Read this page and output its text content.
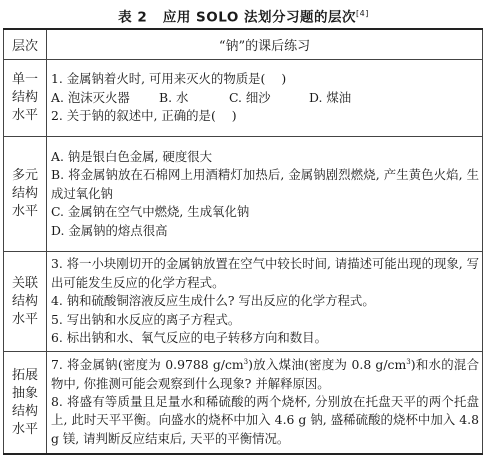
表 2 应用 SOLO 法划分习题的层次[4]
层次	“钠”的课后练习

单一
结构
水平	1. 金属钠着火时, 可用来灭火的物质是( )
A. 泡沫灭火器 B. 水 C. 细沙 D. 煤油
2. 关于钠的叙述中, 正确的是( )

多元
结构
水平	A. 钠是银白色金属, 硬度很大
B. 将金属钠放在石棉网上用酒精灯加热后, 金属钠剧烈燃烧, 产生黄色火焰, 生成过氧化钠
C. 金属钠在空气中燃烧, 生成氧化钠
D. 金属钠的熔点很高

关联
结构
水平	3. 将一小块刚切开的金属钠放置在空气中较长时间, 请描述可能出现的现象, 写出可能发生反应的化学方程式。
4. 钠和硫酸铜溶液反应生成什么? 写出反应的化学方程式。
5. 写出钠和水反应的离子方程式。
6. 标出钠和水、氧气反应的电子转移方向和数目。

拓展
抽象
结构
水平	7. 将金属钠(密度为 0.9788 $g/cm^3$)放入煤油(密度为 0.8 $g/cm^3$)和水的混合物中, 你推测可能会观察到什么现象? 并解释原因。
8. 将盛有等质量且足量水和稀硫酸的两个烧杯, 分别放在托盘天平的两个托盘上, 此时天平平衡。向盛水的烧杯中加入 4.6 g 钠, 盛稀硫酸的烧杯中加入 4.8 g 镁, 请判断反应结束后, 天平的平衡情况。
